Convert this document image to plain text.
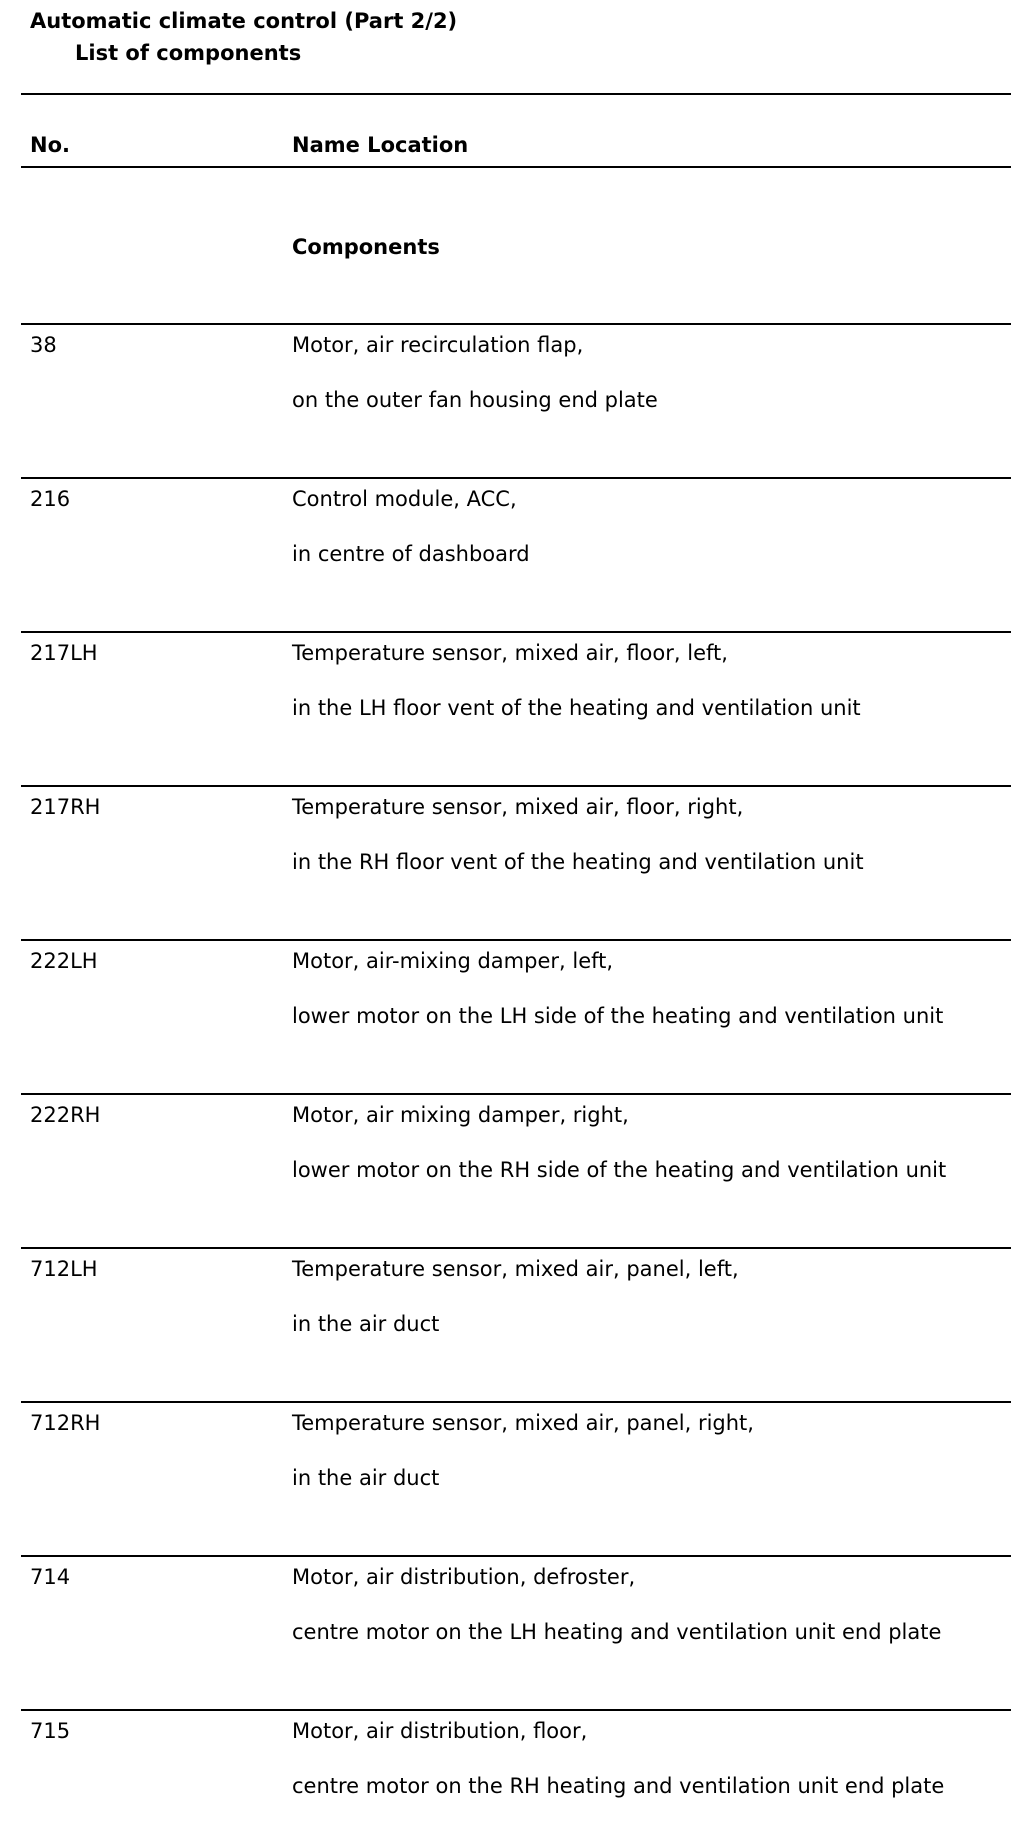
Automatic climate control (Part 2/2)
List of components
No.	Name Location
Components
38	Motor, air recirculation flap,
on the outer fan housing end plate
216	Control module, ACC,
in centre of dashboard
217LH	Temperature sensor, mixed air, floor, left,
in the LH floor vent of the heating and ventilation unit
217RH	Temperature sensor, mixed air, floor, right,
in the RH floor vent of the heating and ventilation unit
222LH	Motor, air-mixing damper, left,
lower motor on the LH side of the heating and ventilation unit
222RH	Motor, air mixing damper, right,
lower motor on the RH side of the heating and ventilation unit
712LH	Temperature sensor, mixed air, panel, left,
in the air duct
712RH	Temperature sensor, mixed air, panel, right,
in the air duct
714	Motor, air distribution, defroster,
centre motor on the LH heating and ventilation unit end plate
715	Motor, air distribution, floor,
centre motor on the RH heating and ventilation unit end plate
